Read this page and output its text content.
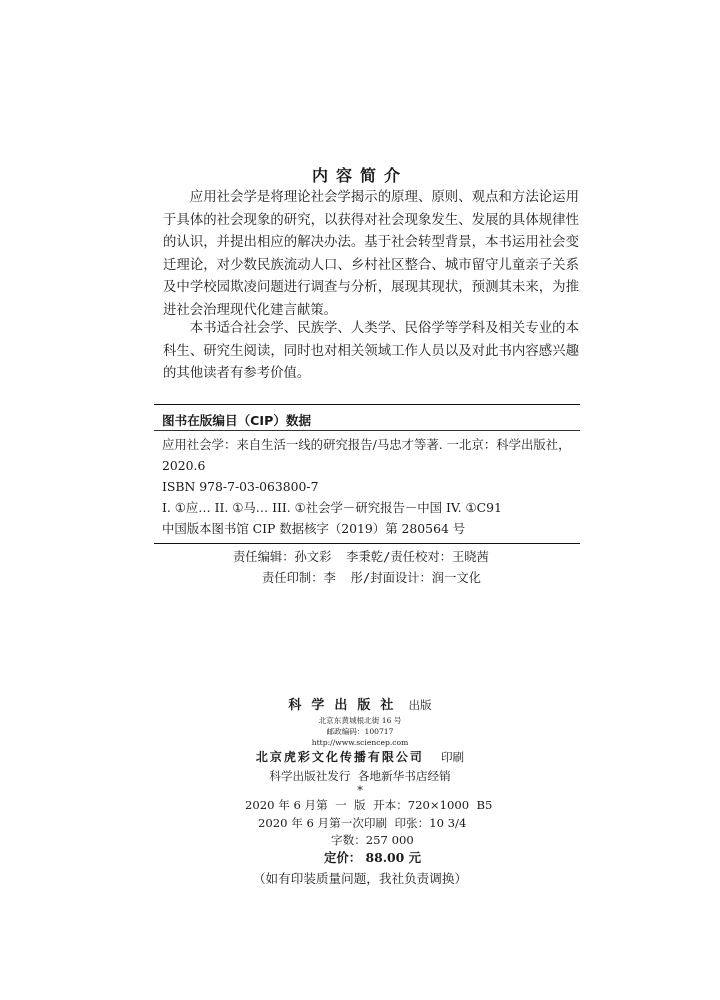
内容简介
应用社会学是将理论社会学揭示的原理、原则、观点和方法论运用于具体的社会现象的研究，以获得对社会现象发生、发展的具体规律性的认识，并提出相应的解决办法。基于社会转型背景，本书运用社会变迁理论，对少数民族流动人口、乡村社区整合、城市留守儿童亲子关系及中学校园欺凌问题进行调查与分析，展现其现状，预测其未来，为推进社会治理现代化建言献策。
本书适合社会学、民族学、人类学、民俗学等学科及相关专业的本科生、研究生阅读，同时也对相关领域工作人员以及对此书内容感兴趣的其他读者有参考价值。
图书在版编目（CIP）数据
应用社会学：来自生活一线的研究报告/马忠才等著. 一北京：科学出版社，2020.6
ISBN 978-7-03-063800-7
I. ①应… II. ①马… III. ①社会学－研究报告－中国 IV. ①C91
中国版本图书馆 CIP 数据核字（2019）第 280564 号
责任编辑：孙文彩  李秉乾/责任校对：王晓茜
责任印制：李  彤/封面设计：润一文化
科学出版社 出版
北京东黄城根北街 16 号
邮政编码：100717
http://www.sciencep.com
北京虎彩文化传播有限公司 印刷
科学出版社发行  各地新华书店经销
*
2020 年 6 月第  一  版  开本：720×1000  B5
2020 年 6 月第一次印刷  印张：10 3/4
字数：257 000
定价： 88.00 元
（如有印装质量问题，我社负责调换）
